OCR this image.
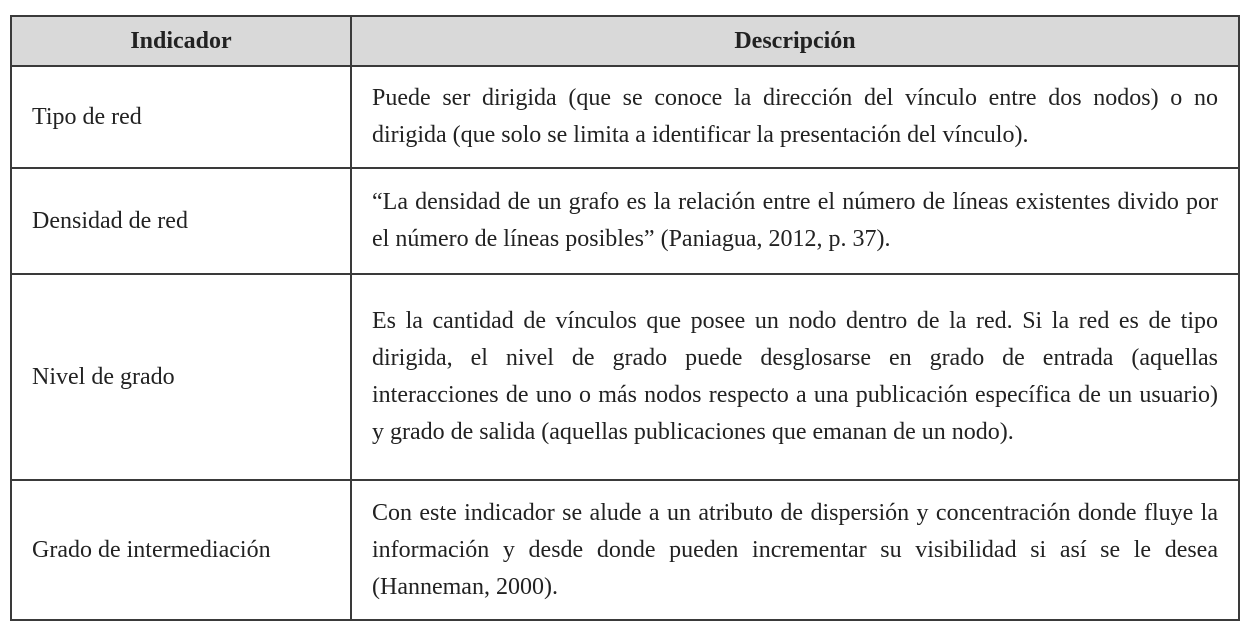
Indicador	Descripción
Tipo de red	Puede ser dirigida (que se conoce la dirección del vínculo entre dos nodos) o no dirigida (que solo se limita a identificar la presentación del vínculo).
Densidad de red	“La densidad de un grafo es la relación entre el número de líneas existentes divido por el número de líneas posibles” (Paniagua, 2012, p. 37).
Nivel de grado	Es la cantidad de vínculos que posee un nodo dentro de la red. Si la red es de tipo dirigida, el nivel de grado puede desglosarse en grado de entrada (aquellas interacciones de uno o más nodos respecto a una publicación específica de un usuario) y grado de salida (aquellas publicaciones que emanan de un nodo).
Grado de intermediación	Con este indicador se alude a un atributo de dispersión y concentración donde fluye la información y desde donde pueden incrementar su visibilidad si así se le desea (Hanneman, 2000).
